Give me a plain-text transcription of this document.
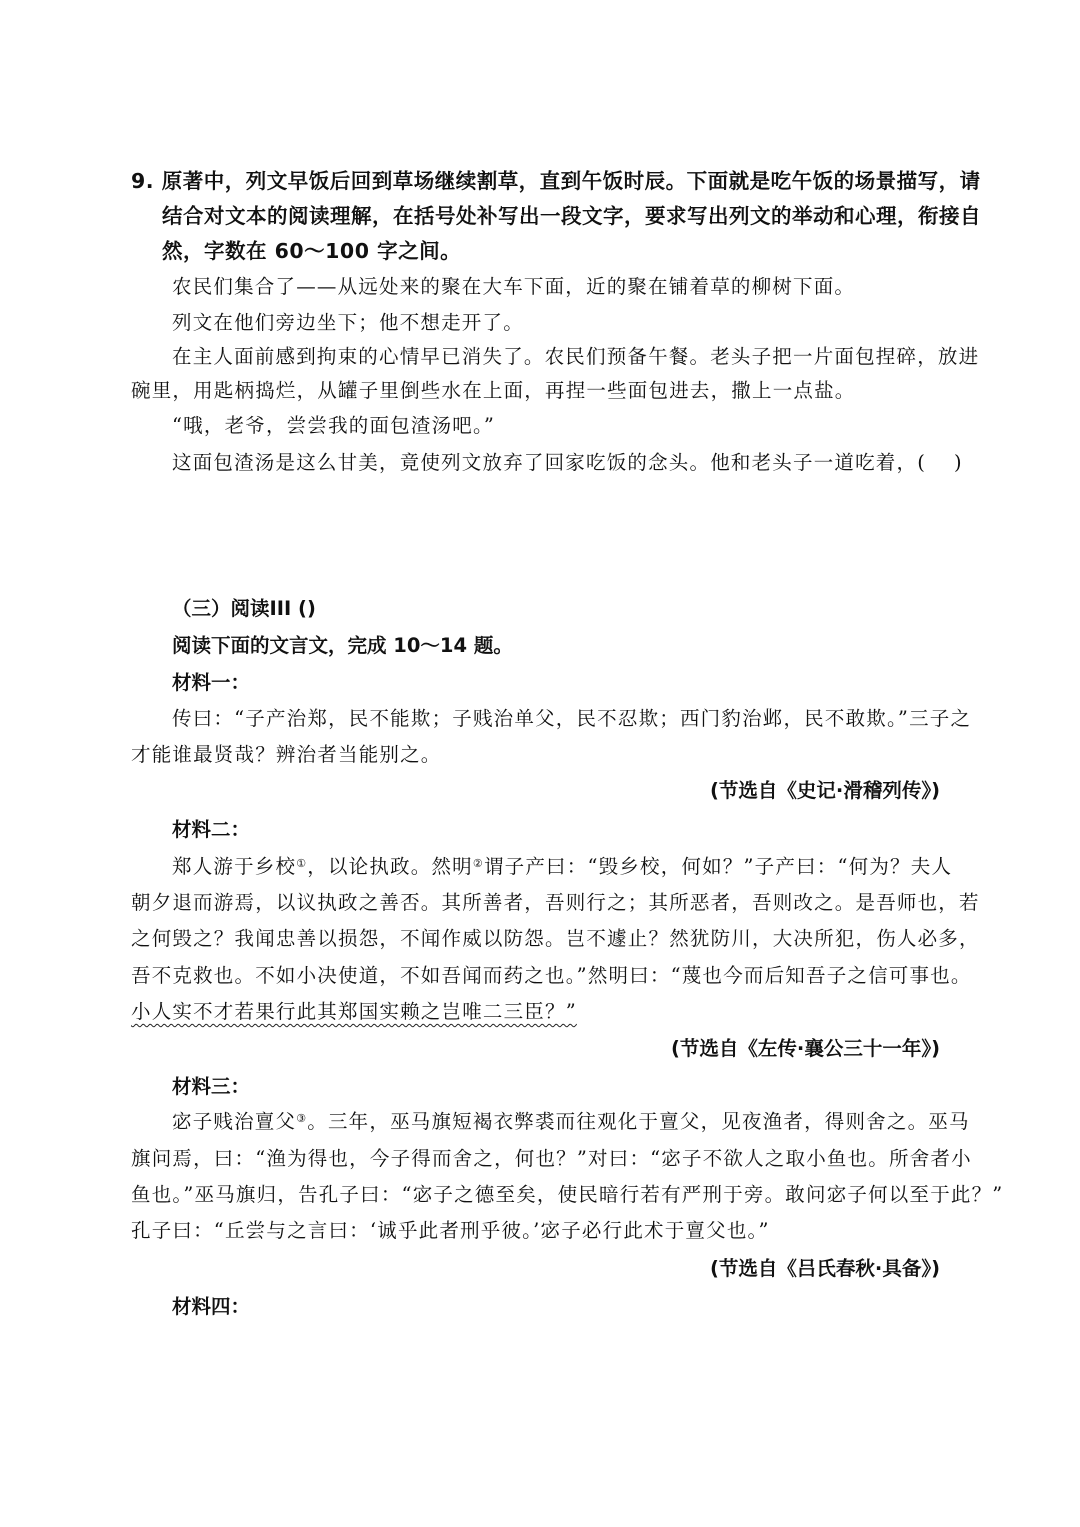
9. 原著中，列文早饭后回到草场继续割草，直到午饭时辰。下面就是吃午饭的场景描写，请
结合对文本的阅读理解，在括号处补写出一段文字，要求写出列文的举动和心理，衔接自
然，字数在 60～100 字之间。
农民们集合了——从远处来的聚在大车下面，近的聚在铺着草的柳树下面。
列文在他们旁边坐下；他不想走开了。
在主人面前感到拘束的心情早已消失了。农民们预备午餐。老头子把一片面包捏碎，放进
碗里，用匙柄捣烂，从罐子里倒些水在上面，再捏一些面包进去，撒上一点盐。
“哦，老爷，尝尝我的面包渣汤吧。”
这面包渣汤是这么甘美，竟使列文放弃了回家吃饭的念头。他和老头子一道吃着，( )
（三）阅读III ()
阅读下面的文言文，完成 10～14 题。
材料一：
传曰：“子产治郑，民不能欺；子贱治单父，民不忍欺；西门豹治邺，民不敢欺。”三子之
才能谁最贤哉？辨治者当能别之。
(节选自《史记·滑稽列传》)
材料二：
郑人游于乡校①，以论执政。然明②谓子产曰：“毁乡校，何如？”子产曰：“何为？夫人
朝夕退而游焉，以议执政之善否。其所善者，吾则行之；其所恶者，吾则改之。是吾师也，若
之何毁之？我闻忠善以损怨，不闻作威以防怨。岂不遽止？然犹防川，大决所犯，伤人必多，
吾不克救也。不如小决使道，不如吾闻而药之也。”然明曰：“蔑也今而后知吾子之信可事也。
小人实不才若果行此其郑国实赖之岂唯二三臣？”
(节选自《左传·襄公三十一年》)
材料三：
宓子贱治亶父③。三年，巫马旗短褐衣弊裘而往观化于亶父，见夜渔者，得则舍之。巫马
旗问焉，曰：“渔为得也，今子得而舍之，何也？”对曰：“宓子不欲人之取小鱼也。所舍者小
鱼也。”巫马旗归，告孔子曰：“宓子之德至矣，使民暗行若有严刑于旁。敢问宓子何以至于此？”
孔子曰：“丘尝与之言曰：‘诚乎此者刑乎彼。’宓子必行此术于亶父也。”
(节选自《吕氏春秋·具备》)
材料四：
